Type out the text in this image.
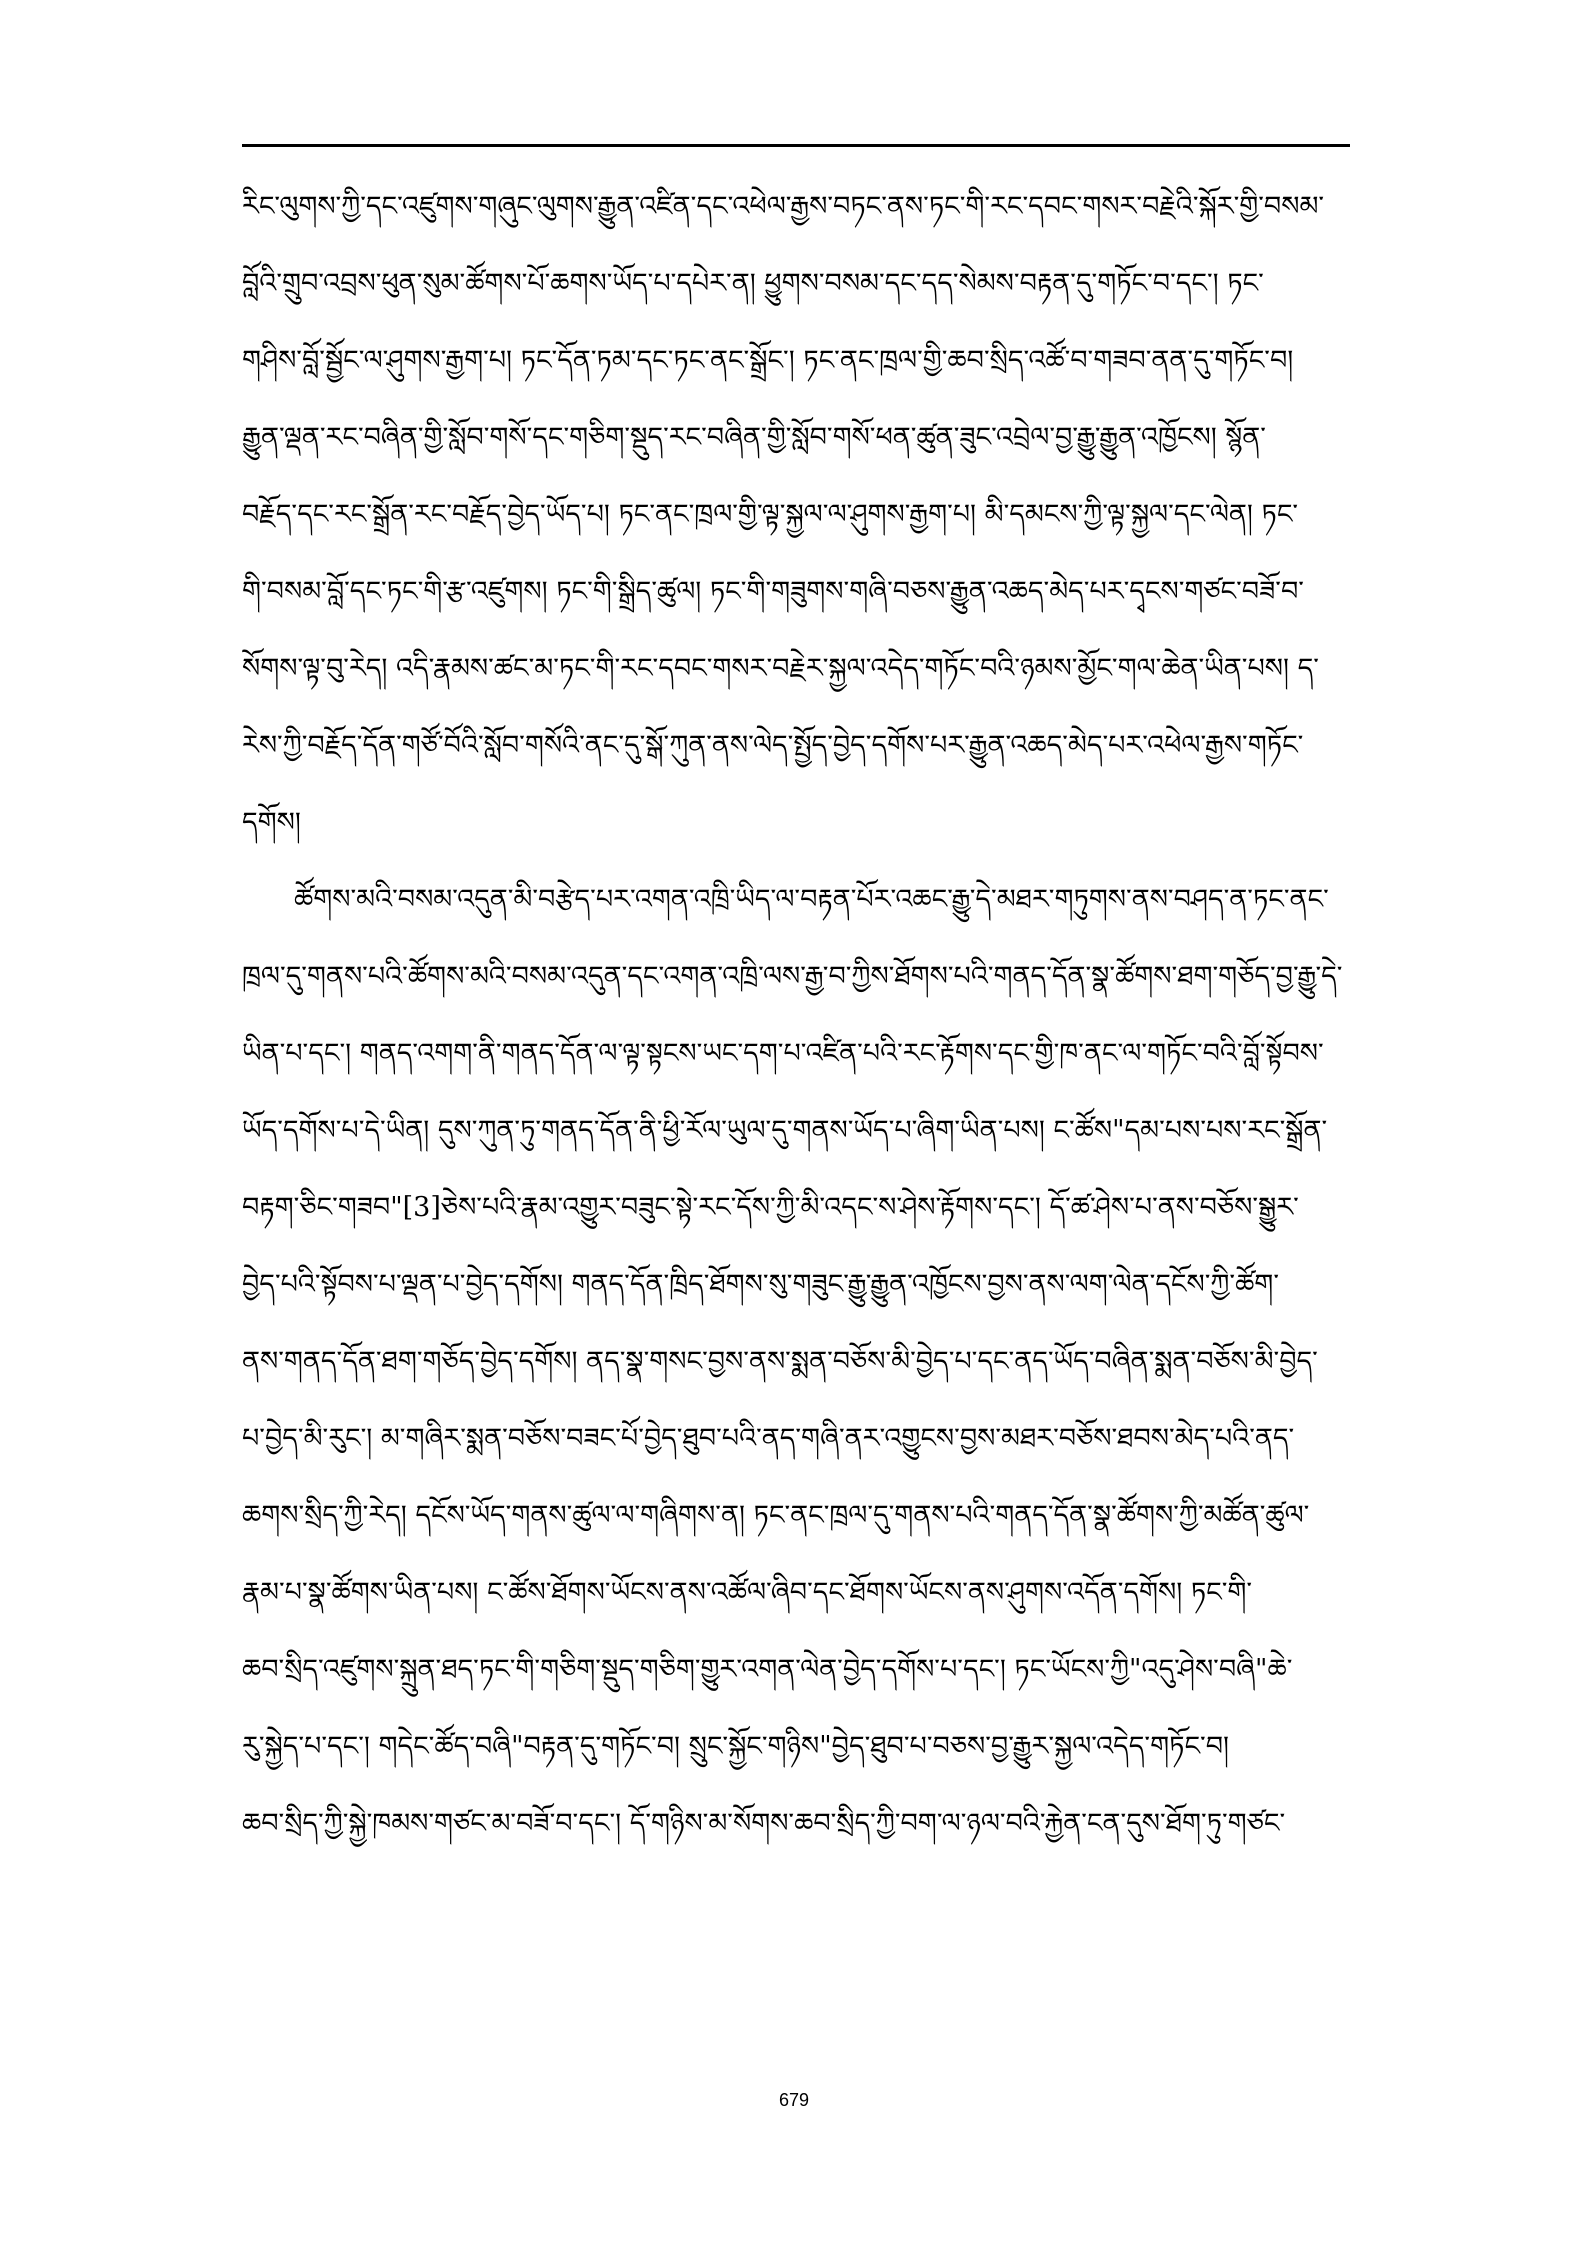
རིང་ལུགས་ཀྱི་དང་འཛུགས་གཞུང་ལུགས་རྒྱུན་འཛིན་དང་འཕེལ་རྒྱས་བཏང་ནས་ཏང་གི་རང་དབང་གསར་བརྗེའི་སྐོར་གྱི་བསམ་
བློའི་གྲུབ་འབྲས་ཕུན་སུམ་ཚོགས་པོ་ཆགས་ཡོད་པ་དཔེར་ན། ཕྱུགས་བསམ་དང་དད་སེམས་བརྟན་དུ་གཏོང་བ་དང་། ཏང་
གཤིས་བློ་སྦྱོང་ལ་ཤུགས་རྒྱག་པ། ཏང་དོན་ཏམ་དང་ཏང་ནང་སྒྲོང་། ཏང་ནང་ཁྲལ་གྱི་ཆབ་སྲིད་འཚོ་བ་གཟབ་ནན་དུ་གཏོང་བ།
རྒྱུན་ལྡན་རང་བཞིན་གྱི་སློབ་གསོ་དང་གཅིག་སྡུད་རང་བཞིན་གྱི་སློབ་གསོ་ཕན་ཚུན་ཟུང་འབྲེལ་བྱ་རྒྱུ་རྒྱུན་འཁྱོངས། སྙོན་
བརྗོད་དང་རང་སྒྲོན་རང་བརྗོད་བྱེད་ཡོད་པ། ཏང་ནང་ཁྲལ་གྱི་ལྟ་སྐྱལ་ལ་ཤུགས་རྒྱག་པ། མི་དམངས་ཀྱི་ལྟ་སྐྱལ་དང་ལེན། ཏང་
གི་བསམ་བློ་དང་ཏང་གི་རྩ་འཛུགས། ཏང་གི་སྒྲིད་ཚུལ། ཏང་གི་གཟུགས་གཞི་བཅས་རྒྱུན་འཆད་མེད་པར་དྭངས་གཙང་བཟོ་བ་
སོགས་ལྟ་བུ་རེད། འདི་རྣམས་ཚང་མ་ཏང་གི་རང་དབང་གསར་བརྗེར་སྐྱལ་འདེད་གཏོང་བའི་ཉམས་མྱོང་གལ་ཆེན་ཡིན་པས། ད་
རེས་ཀྱི་བརྗོད་དོན་གཙོ་བོའི་སློབ་གསོའི་ནང་དུ་སྒོ་ཀུན་ནས་ལེད་སྤྱོད་བྱེད་དགོས་པར་རྒྱུན་འཆད་མེད་པར་འཕེལ་རྒྱས་གཏོང་
དགོས།
ཚོགས་མའི་བསམ་འདུན་མི་བརྩེད་པར་འགན་འཁྲི་ཡིད་ལ་བརྟན་པོར་འཆང་རྒྱུ་དེ་མཐར་གཏུགས་ནས་བཤད་ན་ཏང་ནང་
ཁྲལ་དུ་གནས་པའི་ཚོགས་མའི་བསམ་འདུན་དང་འགན་འཁྲི་ལས་རྒྱ་བ་ཀྱིས་ཐོགས་པའི་གནད་དོན་སྣ་ཚོགས་ཐག་གཅོད་བྱ་རྒྱུ་དེ་
ཡིན་པ་དང་། གནད་འགག་ནི་གནད་དོན་ལ་ལྟ་སྟངས་ཡང་དག་པ་འཛིན་པའི་རང་རྟོགས་དང་གྱི་ཁ་ནང་ལ་གཏོང་བའི་བློ་སྟོབས་
ཡོད་དགོས་པ་དེ་ཡིན། དུས་ཀུན་ཏུ་གནད་དོན་ནི་ཕྱི་རོལ་ཡུལ་དུ་གནས་ཡོད་པ་ཞིག་ཡིན་པས། ང་ཚོས"དམ་པས་པས་རང་སྒྲོན་
བརྟག་ཅིང་གཟབ"[3]ཅེས་པའི་རྣམ་འགྱུར་བཟུང་སྟེ་རང་དོས་ཀྱི་མི་འདང་ས་ཤེས་རྟོགས་དང་། དོ་ཚ་ཤེས་པ་ནས་བཅོས་སྒྱུར་
བྱེད་པའི་སྟོབས་པ་ལྡན་པ་བྱེད་དགོས། གནད་དོན་ཁྲིད་ཐོགས་སུ་གཟུང་རྒྱུ་རྒྱུན་འཁྱོངས་བྱས་ནས་ལག་ལེན་དངོས་ཀྱི་ཚོག་
ནས་གནད་དོན་ཐག་གཅོད་བྱེད་དགོས། ནད་སྣ་གསང་བྱས་ནས་སྨན་བཅོས་མི་བྱེད་པ་དང་ནད་ཡོད་བཞིན་སྨན་བཅོས་མི་བྱེད་
པ་བྱེད་མི་རུང་། མ་གཞིར་སྨན་བཅོས་བཟང་པོ་བྱེད་ཐུབ་པའི་ནད་གཞི་ནར་འགྱུངས་བྱས་མཐར་བཅོས་ཐབས་མེད་པའི་ནད་
ཆགས་སྲིད་ཀྱི་རེད། དངོས་ཡོད་གནས་ཚུལ་ལ་གཞིགས་ན། ཏང་ནང་ཁྲལ་དུ་གནས་པའི་གནད་དོན་སྣ་ཚོགས་ཀྱི་མཚོན་ཚུལ་
རྣམ་པ་སྣ་ཚོགས་ཡིན་པས། ང་ཚོས་ཐོགས་ཡོངས་ནས་འཚོལ་ཞིབ་དང་ཐོགས་ཡོངས་ནས་ཤུགས་འདོན་དགོས། ཏང་གི་
ཆབ་སྲིད་འཛུགས་སྐྲུན་ཐད་ཏང་གི་གཅིག་སྡུད་གཅིག་གྱུར་འགན་ལེན་བྱེད་དགོས་པ་དང་། ཏང་ཡོངས་ཀྱི"འདུ་ཤེས་བཞི"ཆེ་
རུ་སྐྱེད་པ་དང་། གདེང་ཚོད་བཞི"བརྟན་དུ་གཏོང་བ། སྲུང་སྐྱོང་གཉིས"བྱེད་ཐུབ་པ་བཅས་བྱ་རྒྱུར་སྐྱལ་འདེད་གཏོང་བ།
ཆབ་སྲིད་ཀྱི་སྐྱེ་ཁམས་གཙང་མ་བཟོ་བ་དང་། དོ་གཉིས་མ་སོགས་ཆབ་སྲིད་ཀྱི་བག་ལ་ཉལ་བའི་རྐྱེན་ངན་དུས་ཐོག་ཏུ་གཙང་
679
